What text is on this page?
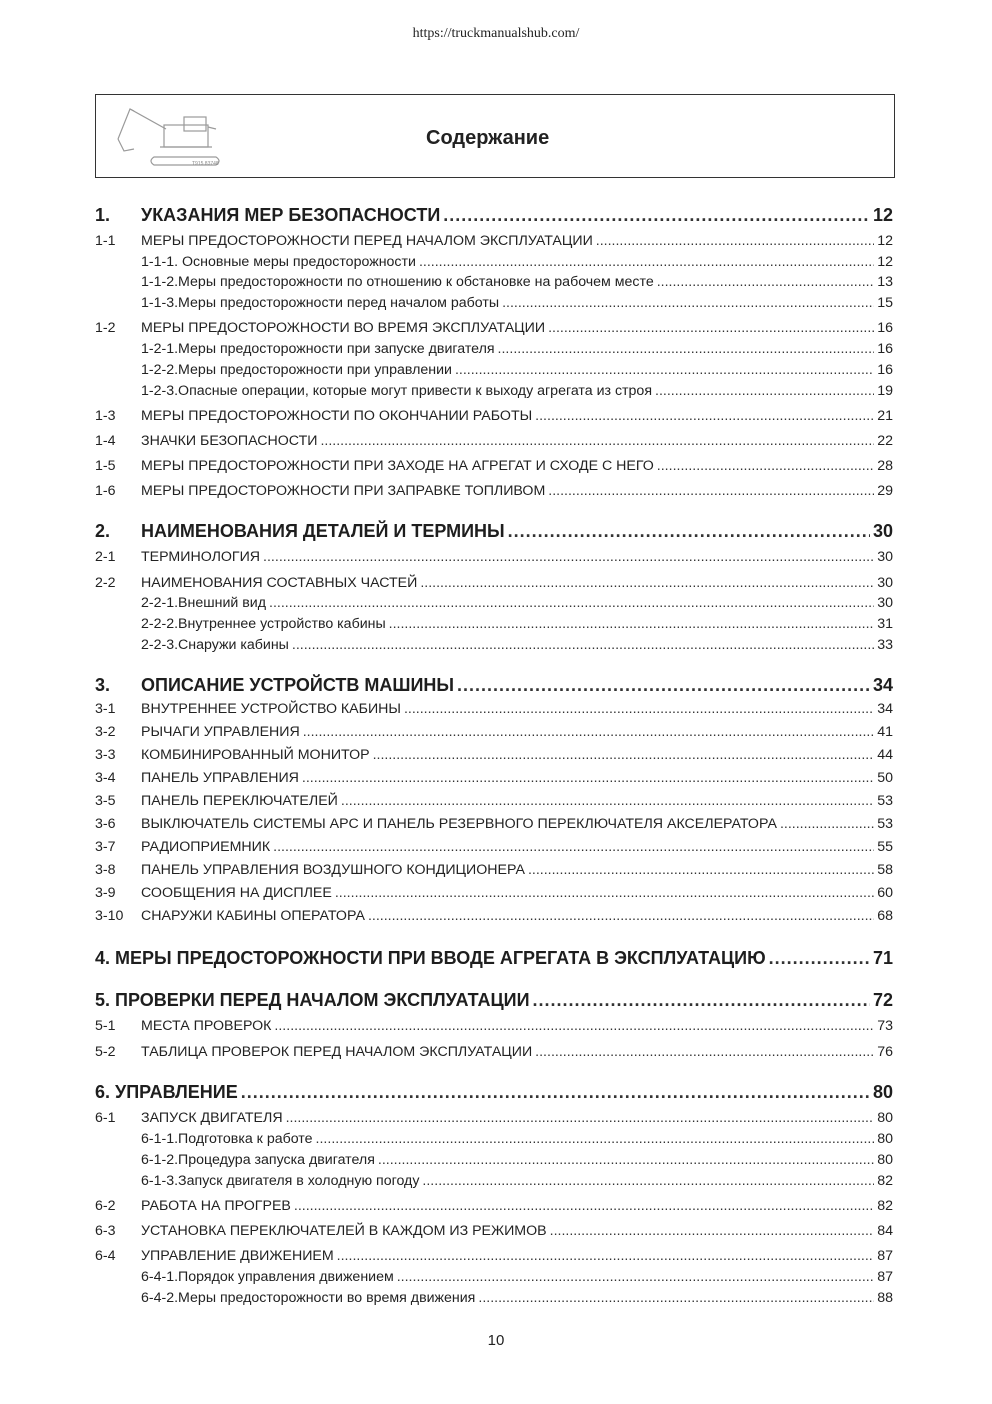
https://truckmanualshub.com/
T915.83748
Содержание
1.	УКАЗАНИЯ МЕР БЕЗОПАСНОСТИ .....	12
1-1	МЕРЫ ПРЕДОСТОРОЖНОСТИ ПЕРЕД НАЧАЛОМ ЭКСПЛУАТАЦИИ .....	12
1-1-1. Основные меры предосторожности .....	12
1-1-2.Меры предосторожности по отношению к обстановке на рабочем месте .....	13
1-1-3.Меры предосторожности перед началом работы .....	15
1-2	МЕРЫ ПРЕДОСТОРОЖНОСТИ ВО ВРЕМЯ ЭКСПЛУАТАЦИИ .....	16
1-2-1.Меры предосторожности при запуске двигателя .....	16
1-2-2.Меры предосторожности при управлении .....	16
1-2-3.Опасные операции, которые могут привести к выходу агрегата из строя .....	19
1-3	МЕРЫ ПРЕДОСТОРОЖНОСТИ ПО ОКОНЧАНИИ РАБОТЫ .....	21
1-4	ЗНАЧКИ БЕЗОПАСНОСТИ .....	22
1-5	МЕРЫ ПРЕДОСТОРОЖНОСТИ ПРИ ЗАХОДЕ НА АГРЕГАТ И СХОДЕ С НЕГО .....	28
1-6	МЕРЫ ПРЕДОСТОРОЖНОСТИ ПРИ ЗАПРАВКЕ ТОПЛИВОМ .....	29
2.	НАИМЕНОВАНИЯ ДЕТАЛЕЙ И ТЕРМИНЫ .....	30
2-1	ТЕРМИНОЛОГИЯ .....	30
2-2	НАИМЕНОВАНИЯ СОСТАВНЫХ ЧАСТЕЙ .....	30
2-2-1.Внешний вид .....	30
2-2-2.Внутреннее устройство кабины .....	31
2-2-3.Снаружи кабины .....	33
3.	ОПИСАНИЕ УСТРОЙСТВ МАШИНЫ .....	34
3-1	ВНУТРЕННЕЕ УСТРОЙСТВО КАБИНЫ .....	34
3-2	РЫЧАГИ УПРАВЛЕНИЯ .....	41
3-3	КОМБИНИРОВАННЫЙ МОНИТОР .....	44
3-4	ПАНЕЛЬ УПРАВЛЕНИЯ .....	50
3-5	ПАНЕЛЬ ПЕРЕКЛЮЧАТЕЛЕЙ .....	53
3-6	ВЫКЛЮЧАТЕЛЬ СИСТЕМЫ APC И ПАНЕЛЬ РЕЗЕРВНОГО ПЕРЕКЛЮЧАТЕЛЯ АКСЕЛЕРАТОРА .....	53
3-7	РАДИОПРИЕМНИК .....	55
3-8	ПАНЕЛЬ УПРАВЛЕНИЯ ВОЗДУШНОГО КОНДИЦИОНЕРА .....	58
3-9	СООБЩЕНИЯ НА ДИСПЛЕЕ .....	60
3-10	СНАРУЖИ КАБИНЫ ОПЕРАТОРА .....	68
4. МЕРЫ ПРЕДОСТОРОЖНОСТИ ПРИ ВВОДЕ АГРЕГАТА В ЭКСПЛУАТАЦИЮ .....	71
5. ПРОВЕРКИ ПЕРЕД НАЧАЛОМ ЭКСПЛУАТАЦИИ .....	72
5-1	МЕСТА ПРОВЕРОК .....	73
5-2	ТАБЛИЦА ПРОВЕРОК ПЕРЕД НАЧАЛОМ ЭКСПЛУАТАЦИИ .....	76
6. УПРАВЛЕНИЕ .....	80
6-1	ЗАПУСК ДВИГАТЕЛЯ .....	80
6-1-1.Подготовка к работе .....	80
6-1-2.Процедура запуска двигателя .....	80
6-1-3.Запуск двигателя в холодную погоду .....	82
6-2	РАБОТА НА ПРОГРЕВ .....	82
6-3	УСТАНОВКА ПЕРЕКЛЮЧАТЕЛЕЙ В КАЖДОМ ИЗ РЕЖИМОВ .....	84
6-4	УПРАВЛЕНИЕ ДВИЖЕНИЕМ .....	87
6-4-1.Порядок управления движением .....	87
6-4-2.Меры предосторожности во время движения .....	88
10
